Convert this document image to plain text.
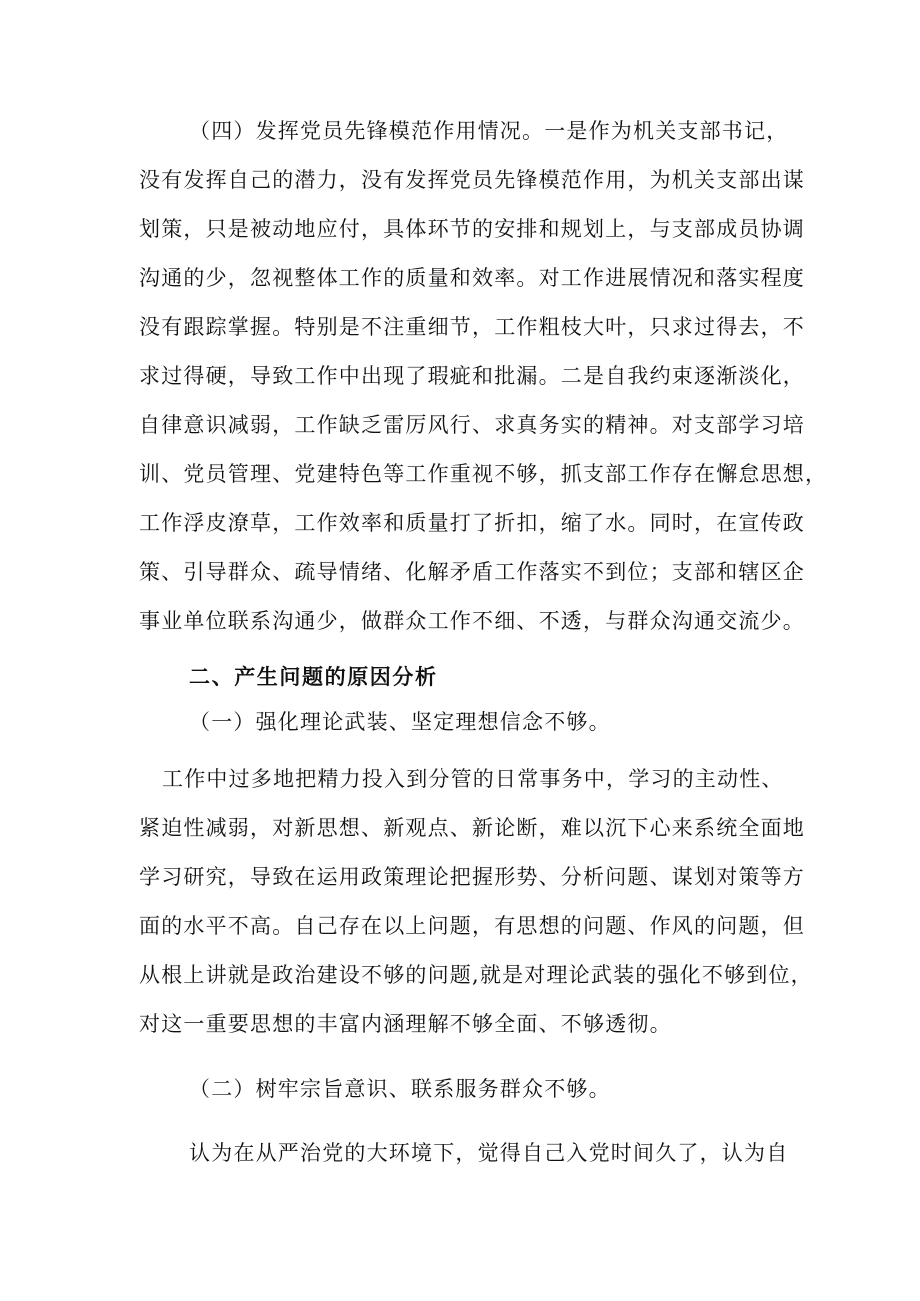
（四）发挥党员先锋模范作用情况。一是作为机关支部书记，
没有发挥自己的潜力，没有发挥党员先锋模范作用，为机关支部出谋
划策，只是被动地应付，具体环节的安排和规划上，与支部成员协调
沟通的少，忽视整体工作的质量和效率。对工作进展情况和落实程度
没有跟踪掌握。特别是不注重细节，工作粗枝大叶，只求过得去，不
求过得硬，导致工作中出现了瑕疵和批漏。二是自我约束逐渐淡化，
自律意识减弱，工作缺乏雷厉风行、求真务实的精神。对支部学习培
训、党员管理、党建特色等工作重视不够，抓支部工作存在懈怠思想，
工作浮皮潦草，工作效率和质量打了折扣，缩了水。同时，在宣传政
策、引导群众、疏导情绪、化解矛盾工作落实不到位；支部和辖区企
事业单位联系沟通少，做群众工作不细、不透，与群众沟通交流少。
二、产生问题的原因分析
（一）强化理论武装、坚定理想信念不够。
工作中过多地把精力投入到分管的日常事务中，学习的主动性、
紧迫性减弱，对新思想、新观点、新论断，难以沉下心来系统全面地
学习研究，导致在运用政策理论把握形势、分析问题、谋划对策等方
面的水平不高。自己存在以上问题，有思想的问题、作风的问题，但
从根上讲就是政治建设不够的问题,就是对理论武装的强化不够到位，
对这一重要思想的丰富内涵理解不够全面、不够透彻。
（二）树牢宗旨意识、联系服务群众不够。
认为在从严治党的大环境下，觉得自己入党时间久了，认为自
